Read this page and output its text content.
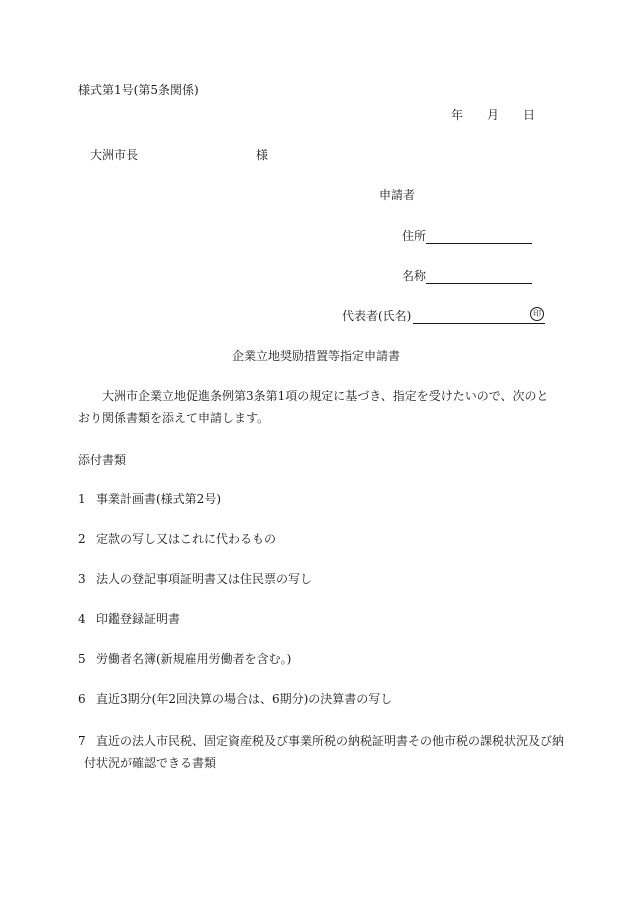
様式第1号(第5条関係)
年　　月　　日
大洲市長	様
申請者
住所
名称
代表者(氏名)	印
企業立地奨励措置等指定申請書
大洲市企業立地促進条例第3条第1項の規定に基づき、指定を受けたいので、次のとおり関係書類を添えて申請します。
添付書類
1 事業計画書(様式第2号)
2 定款の写し又はこれに代わるもの
3 法人の登記事項証明書又は住民票の写し
4 印鑑登録証明書
5 労働者名簿(新規雇用労働者を含む。)
6 直近3期分(年2回決算の場合は、6期分)の決算書の写し
7 直近の法人市民税、固定資産税及び事業所税の納税証明書その他市税の課税状況及び納
付状況が確認できる書類
